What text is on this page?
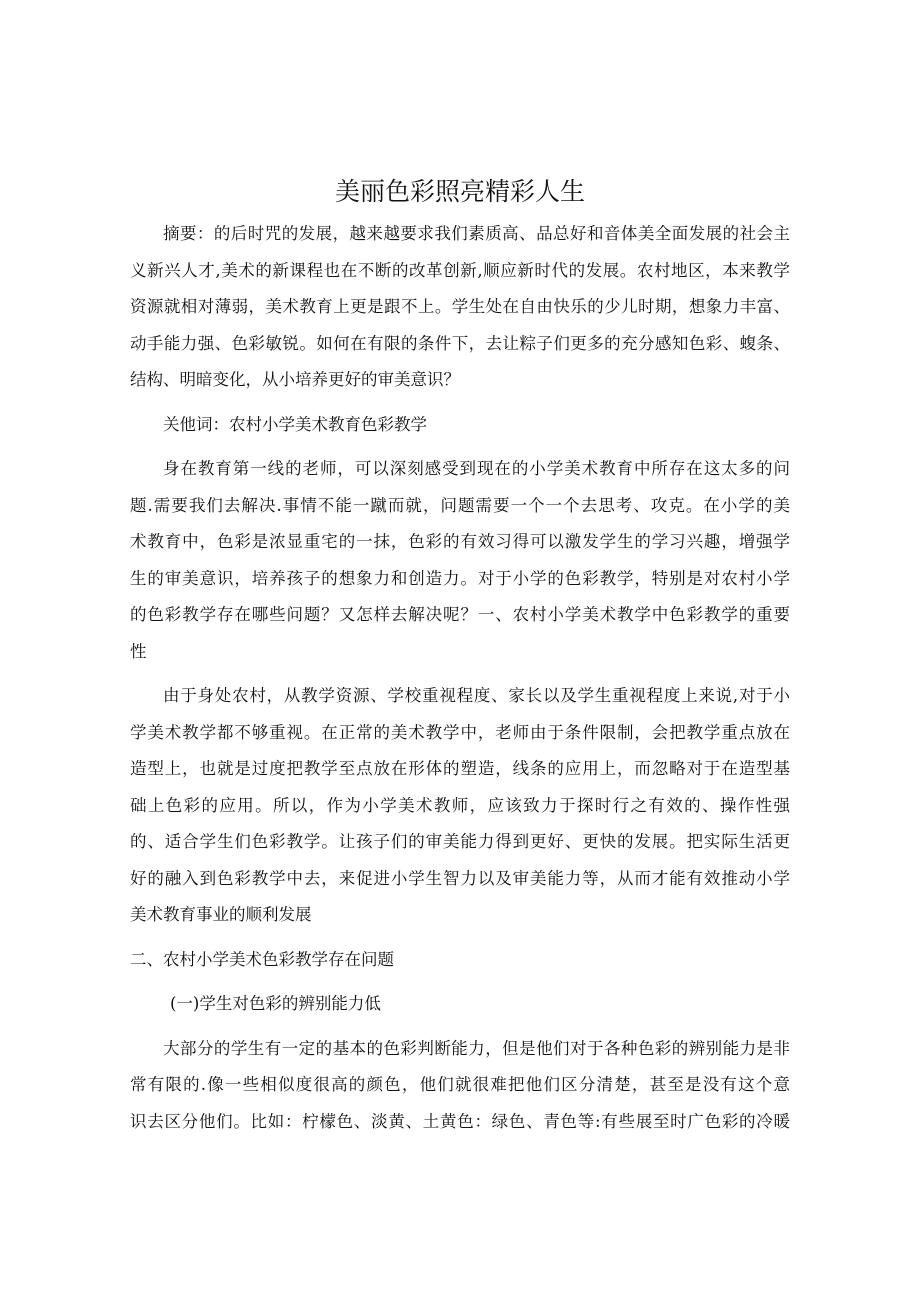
美丽色彩照亮精彩人生

摘要：的后时咒的发展，越来越要求我们素质高、品总好和音体美全面发展的社会主
义新兴人才,美术的新课程也在不断的改革创新,顺应新时代的发展。农村地区，本来教学
资源就相对薄弱，美术教育上更是跟不上。学生处在自由快乐的少儿时期，想象力丰富、
动手能力强、色彩敏锐。如何在有限的条件下，去让粽子们更多的充分感知色彩、蝮条、
结构、明暗变化，从小培养更好的审美意识？

关他词：农村小学美术教育色彩教学

身在教育第一线的老师，可以深刻感受到现在的小学美术教育中所存在这太多的问
题.需要我们去解决.事情不能一蹴而就，问题需要一个一个去思考、攻克。在小学的美
术教育中，色彩是浓显重宅的一抹，色彩的有效习得可以激发学生的学习兴趣，增强学
生的审美意识，培养孩子的想象力和创造力。对于小学的色彩教学，特别是对农村小学
的色彩教学存在哪些问题？又怎样去解决呢？一、农村小学美术教学中色彩教学的重要
性

由于身处农村，从教学资源、学校重视程度、家长以及学生重视程度上来说,对于小
学美术教学都不够重视。在正常的美术教学中，老师由于条件限制，会把教学重点放在
造型上，也就是过度把教学至点放在形体的塑造，线条的应用上，而忽略对于在造型基
础上色彩的应用。所以，作为小学美术教师，应该致力于探时行之有效的、操作性强
的、适合学生们色彩教学。让孩子们的审美能力得到更好、更快的发展。把实际生活更
好的融入到色彩教学中去，来促进小学生智力以及审美能力等，从而才能有效推动小学
美术教育事业的顺利发展

二、农村小学美术色彩教学存在问题

(一)学生对色彩的辨别能力低

大部分的学生有一定的基本的色彩判断能力，但是他们对于各种色彩的辨别能力是非
常有限的.像一些相似度很高的颜色，他们就很难把他们区分清楚，甚至是没有这个意
识去区分他们。比如：柠檬色、淡黄、土黄色：绿色、青色等:有些展至时广色彩的冷暖
